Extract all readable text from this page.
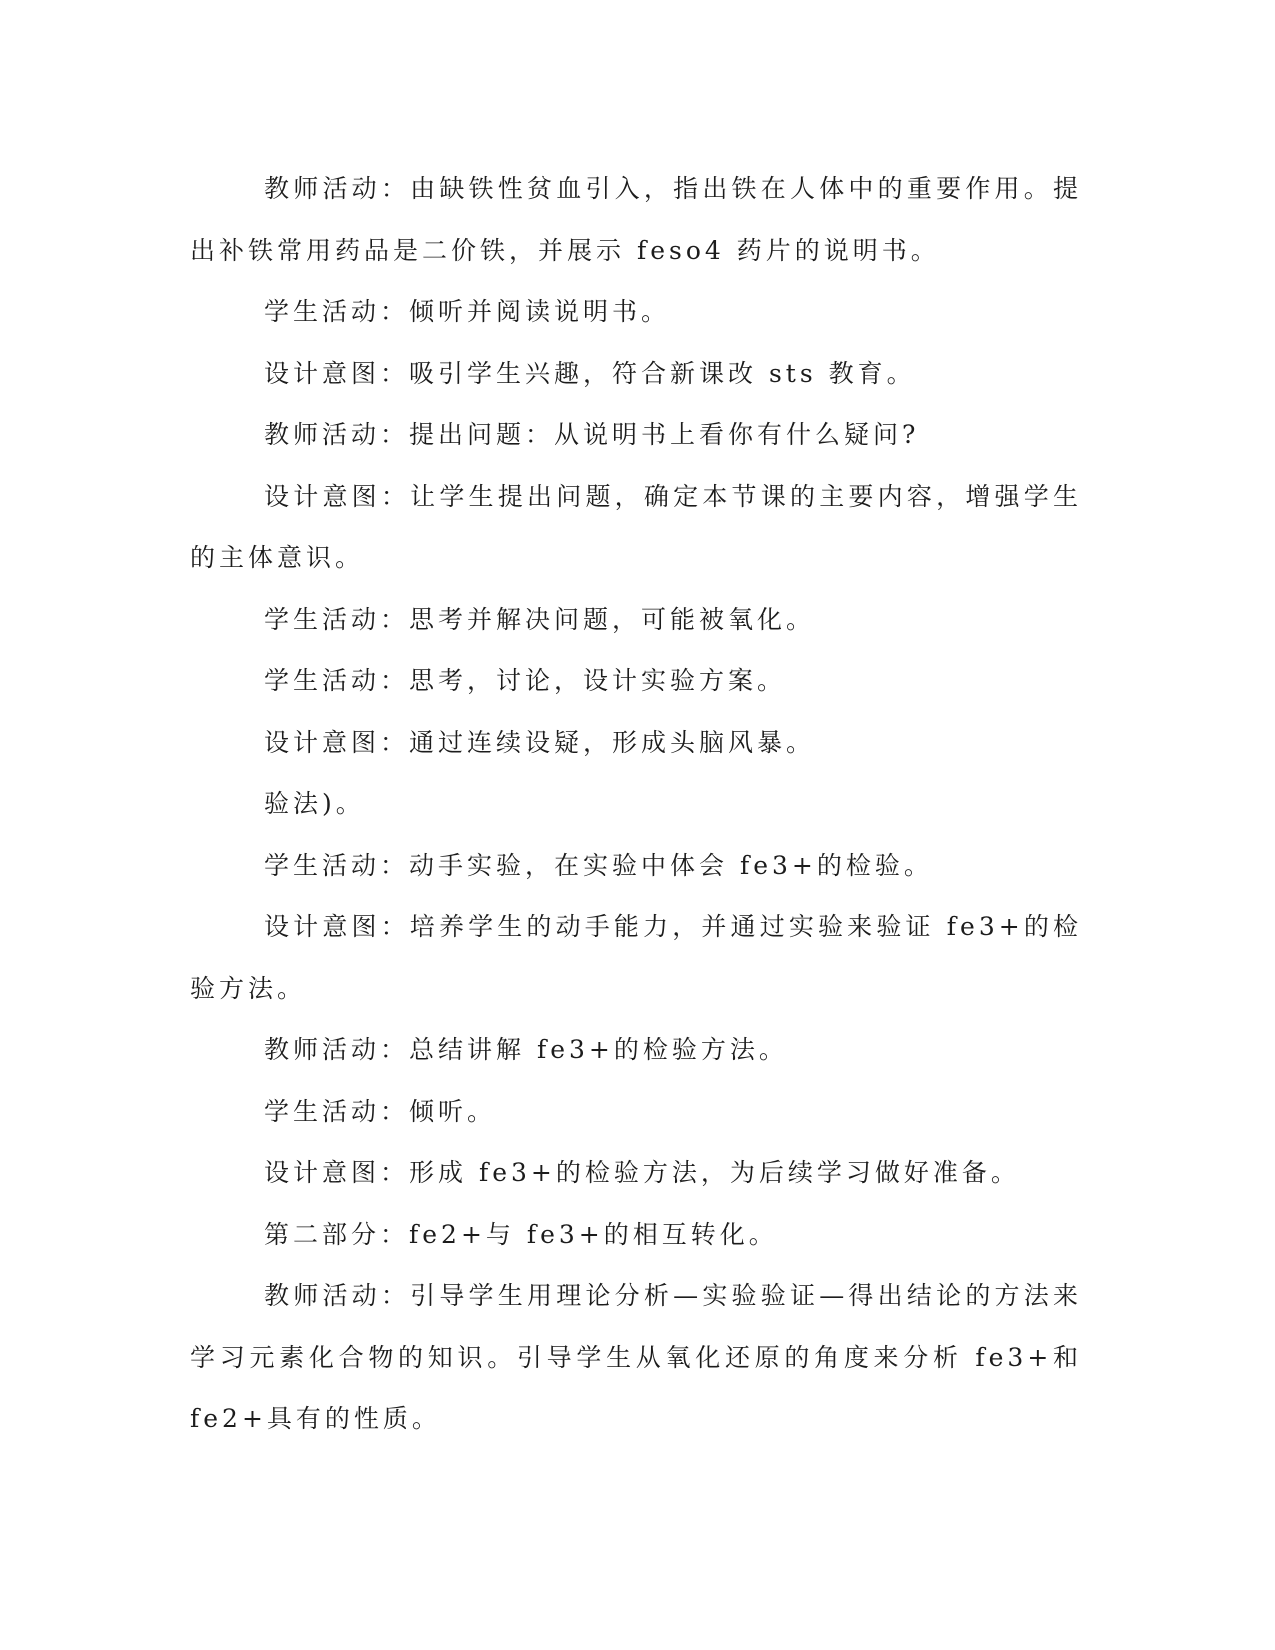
教师活动：由缺铁性贫血引入，指出铁在人体中的重要作用。提出补铁常用药品是二价铁，并展示 feso4 药片的说明书。

学生活动：倾听并阅读说明书。

设计意图：吸引学生兴趣，符合新课改 sts 教育。

教师活动：提出问题：从说明书上看你有什么疑问?

设计意图：让学生提出问题，确定本节课的主要内容，增强学生的主体意识。

学生活动：思考并解决问题，可能被氧化。

学生活动：思考，讨论，设计实验方案。

设计意图：通过连续设疑，形成头脑风暴。

验法)。

学生活动：动手实验，在实验中体会 fe3+的检验。

设计意图：培养学生的动手能力，并通过实验来验证 fe3+的检验方法。

教师活动：总结讲解 fe3+的检验方法。

学生活动：倾听。

设计意图：形成 fe3+的检验方法，为后续学习做好准备。

第二部分：fe2+与 fe3+的相互转化。

教师活动：引导学生用理论分析—实验验证—得出结论的方法来学习元素化合物的知识。引导学生从氧化还原的角度来分析 fe3+和 fe2+具有的性质。
